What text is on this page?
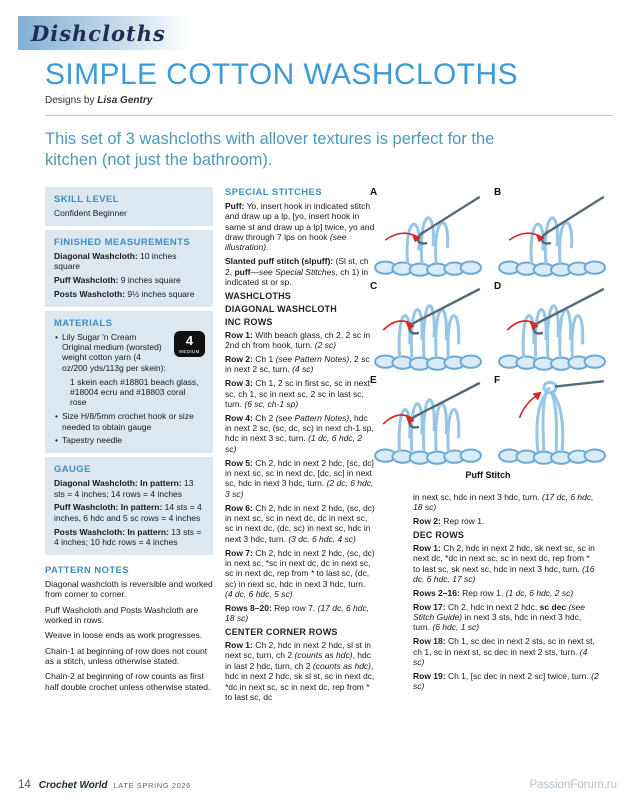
Dishcloths
SIMPLE COTTON WASHCLOTHS
Designs by Lisa Gentry

This set of 3 washcloths with allover textures is perfect for the kitchen (not just the bathroom).

SKILL LEVEL

Confident Beginner

FINISHED MEASUREMENTS

Diagonal Washcloth: 10 inches square

Puff Washcloth: 9 inches square

Posts Washcloth: 9½ inches square

MATERIALS
4
MEDIUM

• Lily Sugar 'n Cream Original medium (worsted) weight cotton yarn (4 oz/200 yds/113g per skein):

1 skein each #18801 beach glass, #18004 ecru and #18803 coral rose

• Size H/8/5mm crochet hook or size needed to obtain gauge

• Tapestry needle

GAUGE

Diagonal Washcloth: In pattern: 13 sts = 4 inches; 14 rows = 4 inches

Puff Washcloth: In pattern: 14 sts = 4 inches, 6 hdc and 5 sc rows = 4 inches

Posts Washcloth: In pattern: 13 sts = 4 inches; 10 hdc rows = 4 inches

PATTERN NOTES

Diagonal washcloth is reversible and worked from corner to corner.

Puff Washcloth and Posts Washcloth are worked in rows.

Weave in loose ends as work progresses.

Chain-1 at beginning of row does not count as a stitch, unless otherwise stated.

Chain-2 at beginning of row counts as first half double crochet unless otherwise stated.

SPECIAL STITCHES

Puff: Yo, insert hook in indicated stitch and draw up a lp, [yo, insert hook in same st and draw up a lp] twice, yo and draw through 7 lps on hook (see illustration).

Slanted puff stitch (slpuff): (Sl st, ch 2, puff—see Special Stitches, ch 1) in indicated st or sp.

WASHCLOTHS
DIAGONAL WASHCLOTH
INC ROWS

Row 1: With beach glass, ch 2, 2 sc in 2nd ch from hook, turn. (2 sc)

Row 2: Ch 1 (see Pattern Notes), 2 sc in next 2 sc, turn. (4 sc)

Row 3: Ch 1, 2 sc in first sc, sc in next sc, ch 1, sc in next sc, 2 sc in last sc, turn. (6 sc, ch-1 sp)

Row 4: Ch 2 (see Pattern Notes), hdc in next 2 sc, (sc, dc, sc) in next ch-1 sp, hdc in next 3 sc, turn. (1 dc, 6 hdc, 2 sc)

Row 5: Ch 2, hdc in next 2 hdc, [sc, dc] in next sc, sc in next dc, [dc, sc] in next sc, hdc in next 3 hdc, turn. (2 dc, 6 hdc, 3 sc)

Row 6: Ch 2, hdc in next 2 hdc, (sc, dc) in next sc, sc in next dc, dc in next sc, sc in next dc, (dc, sc) in next sc, hdc in next 3 hdc, turn. (3 dc, 6 hdc, 4 sc)

Row 7: Ch 2, hdc in next 2 hdc, (sc, dc) in next sc, *sc in next dc, dc in next sc, sc in next dc, rep from * to last sc, (dc, sc) in next sc, hdc in next 3 hdc, turn. (4 dc, 6 hdc, 5 sc)

Rows 8–20: Rep row 7. (17 dc, 6 hdc, 18 sc)

CENTER CORNER ROWS

Row 1: Ch 2, hdc in next 2 hdc, sl st in next sc, turn, ch 2 (counts as hdc), hdc in last 2 hdc, turn, ch 2 (counts as hdc), hdc in next 2 hdc, sk sl st, sc in next dc, *dc in next sc, sc in next dc, rep from * to last sc, dc

A	B
C	D
E	F
Puff Stitch

in next sc, hdc in next 3 hdc, turn. (17 dc, 6 hdc, 18 sc)

Row 2: Rep row 1.

DEC ROWS

Row 1: Ch 2, hdc in next 2 hdc, sk next sc, sc in next dc, *dc in next sc, sc in next dc, rep from * to last sc, sk next sc, hdc in next 3 hdc, turn. (16 dc, 6 hdc, 17 sc)

Rows 2–16: Rep row 1. (1 dc, 6 hdc, 2 sc)

Row 17: Ch 2, hdc in next 2 hdc, sc dec (see Stitch Guide) in next 3 sts, hdc in next 3 hdc, turn. (6 hdc, 1 sc)

Row 18: Ch 1, sc dec in next 2 sts, sc in next st, ch 1, sc in next st, sc dec in next 2 sts, turn. (4 sc)

Row 19: Ch 1, [sc dec in next 2 sc] twice, turn. (2 sc)

14 Crochet World LATE SPRING 2026	PassionForum.ru
